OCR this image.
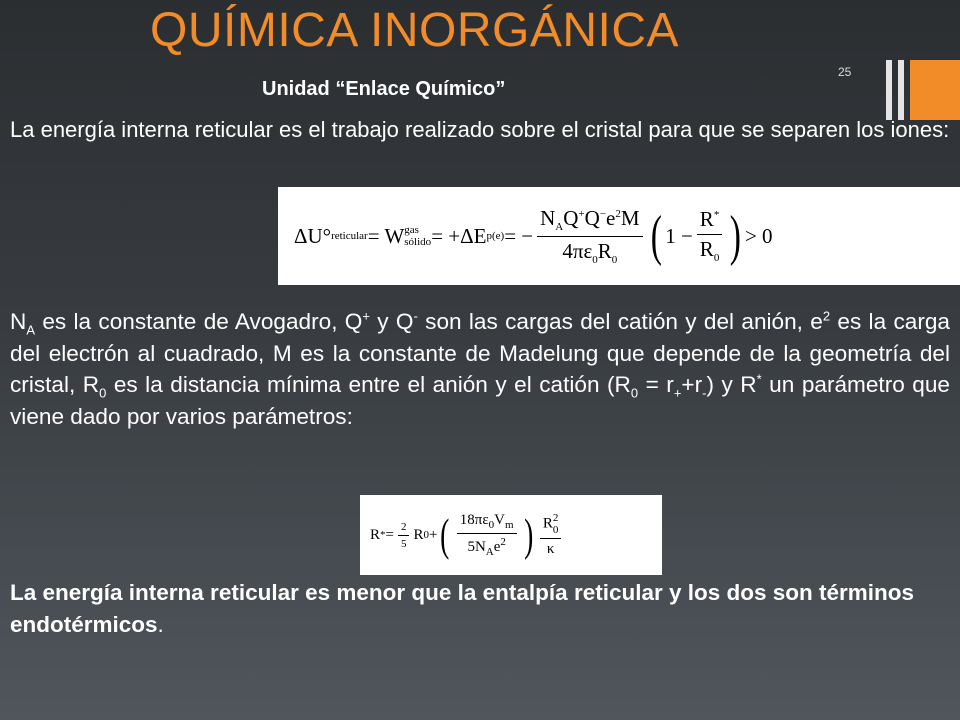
QUÍMICA INORGÁNICA
Unidad “Enlace Químico”
25
La energía interna reticular es el trabajo realizado sobre el cristal para que se separen los iones:
ΔU° reticular = W gas
sólido = +ΔE p(e) = − $\frac{N_AQ^+Q^-e^2M}{4\pi\varepsilon_0R_0}$ ( $1 - \frac{R^*}{R_0}$ ) > 0
$N_A$ es la constante de Avogadro, Q+ y Q- son las cargas del catión y del anión, $e^2$ es la carga del electrón al cuadrado, M es la constante de Madelung que depende de la geometría del cristal, $R_0$ es la distancia mínima entre el anión y el catión $(R_0 = r_++r_-)$ y R* un parámetro que viene dado por varios parámetros:
R * = $\frac{2}{5}$ R 0 + ( $\frac{18\pi\varepsilon_0V_m}{5N_Ae^2}$ ) R 2
0
κ
La energía interna reticular es menor que la entalpía reticular y los dos son términos endotérmicos.
